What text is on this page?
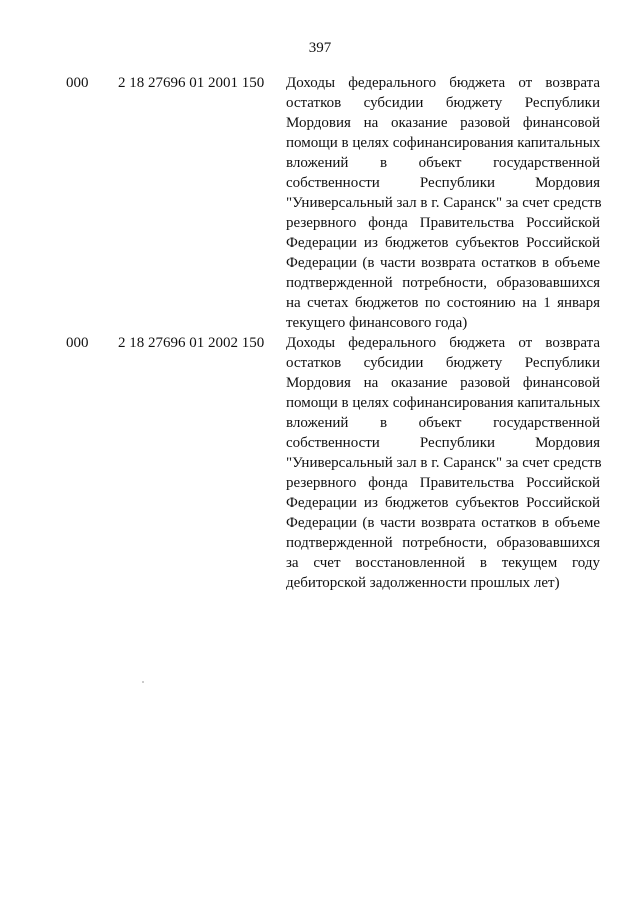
397
000 2 18 27696 01 2001 150 Доходы федерального бюджета от возврата
остатков субсидии бюджету Республики
Мордовия на оказание разовой финансовой
помощи в целях софинансирования капитальных
вложений в объект государственной
собственности Республики Мордовия
"Универсальный зал в г. Саранск" за счет средств
резервного фонда Правительства Российской
Федерации из бюджетов субъектов Российской
Федерации (в части возврата остатков в объеме
подтвержденной потребности, образовавшихся
на счетах бюджетов по состоянию на 1 января
текущего финансового года)
000 2 18 27696 01 2002 150 Доходы федерального бюджета от возврата
остатков субсидии бюджету Республики
Мордовия на оказание разовой финансовой
помощи в целях софинансирования капитальных
вложений в объект государственной
собственности Республики Мордовия
"Универсальный зал в г. Саранск" за счет средств
резервного фонда Правительства Российской
Федерации из бюджетов субъектов Российской
Федерации (в части возврата остатков в объеме
подтвержденной потребности, образовавшихся
за счет восстановленной в текущем году
дебиторской задолженности прошлых лет)
